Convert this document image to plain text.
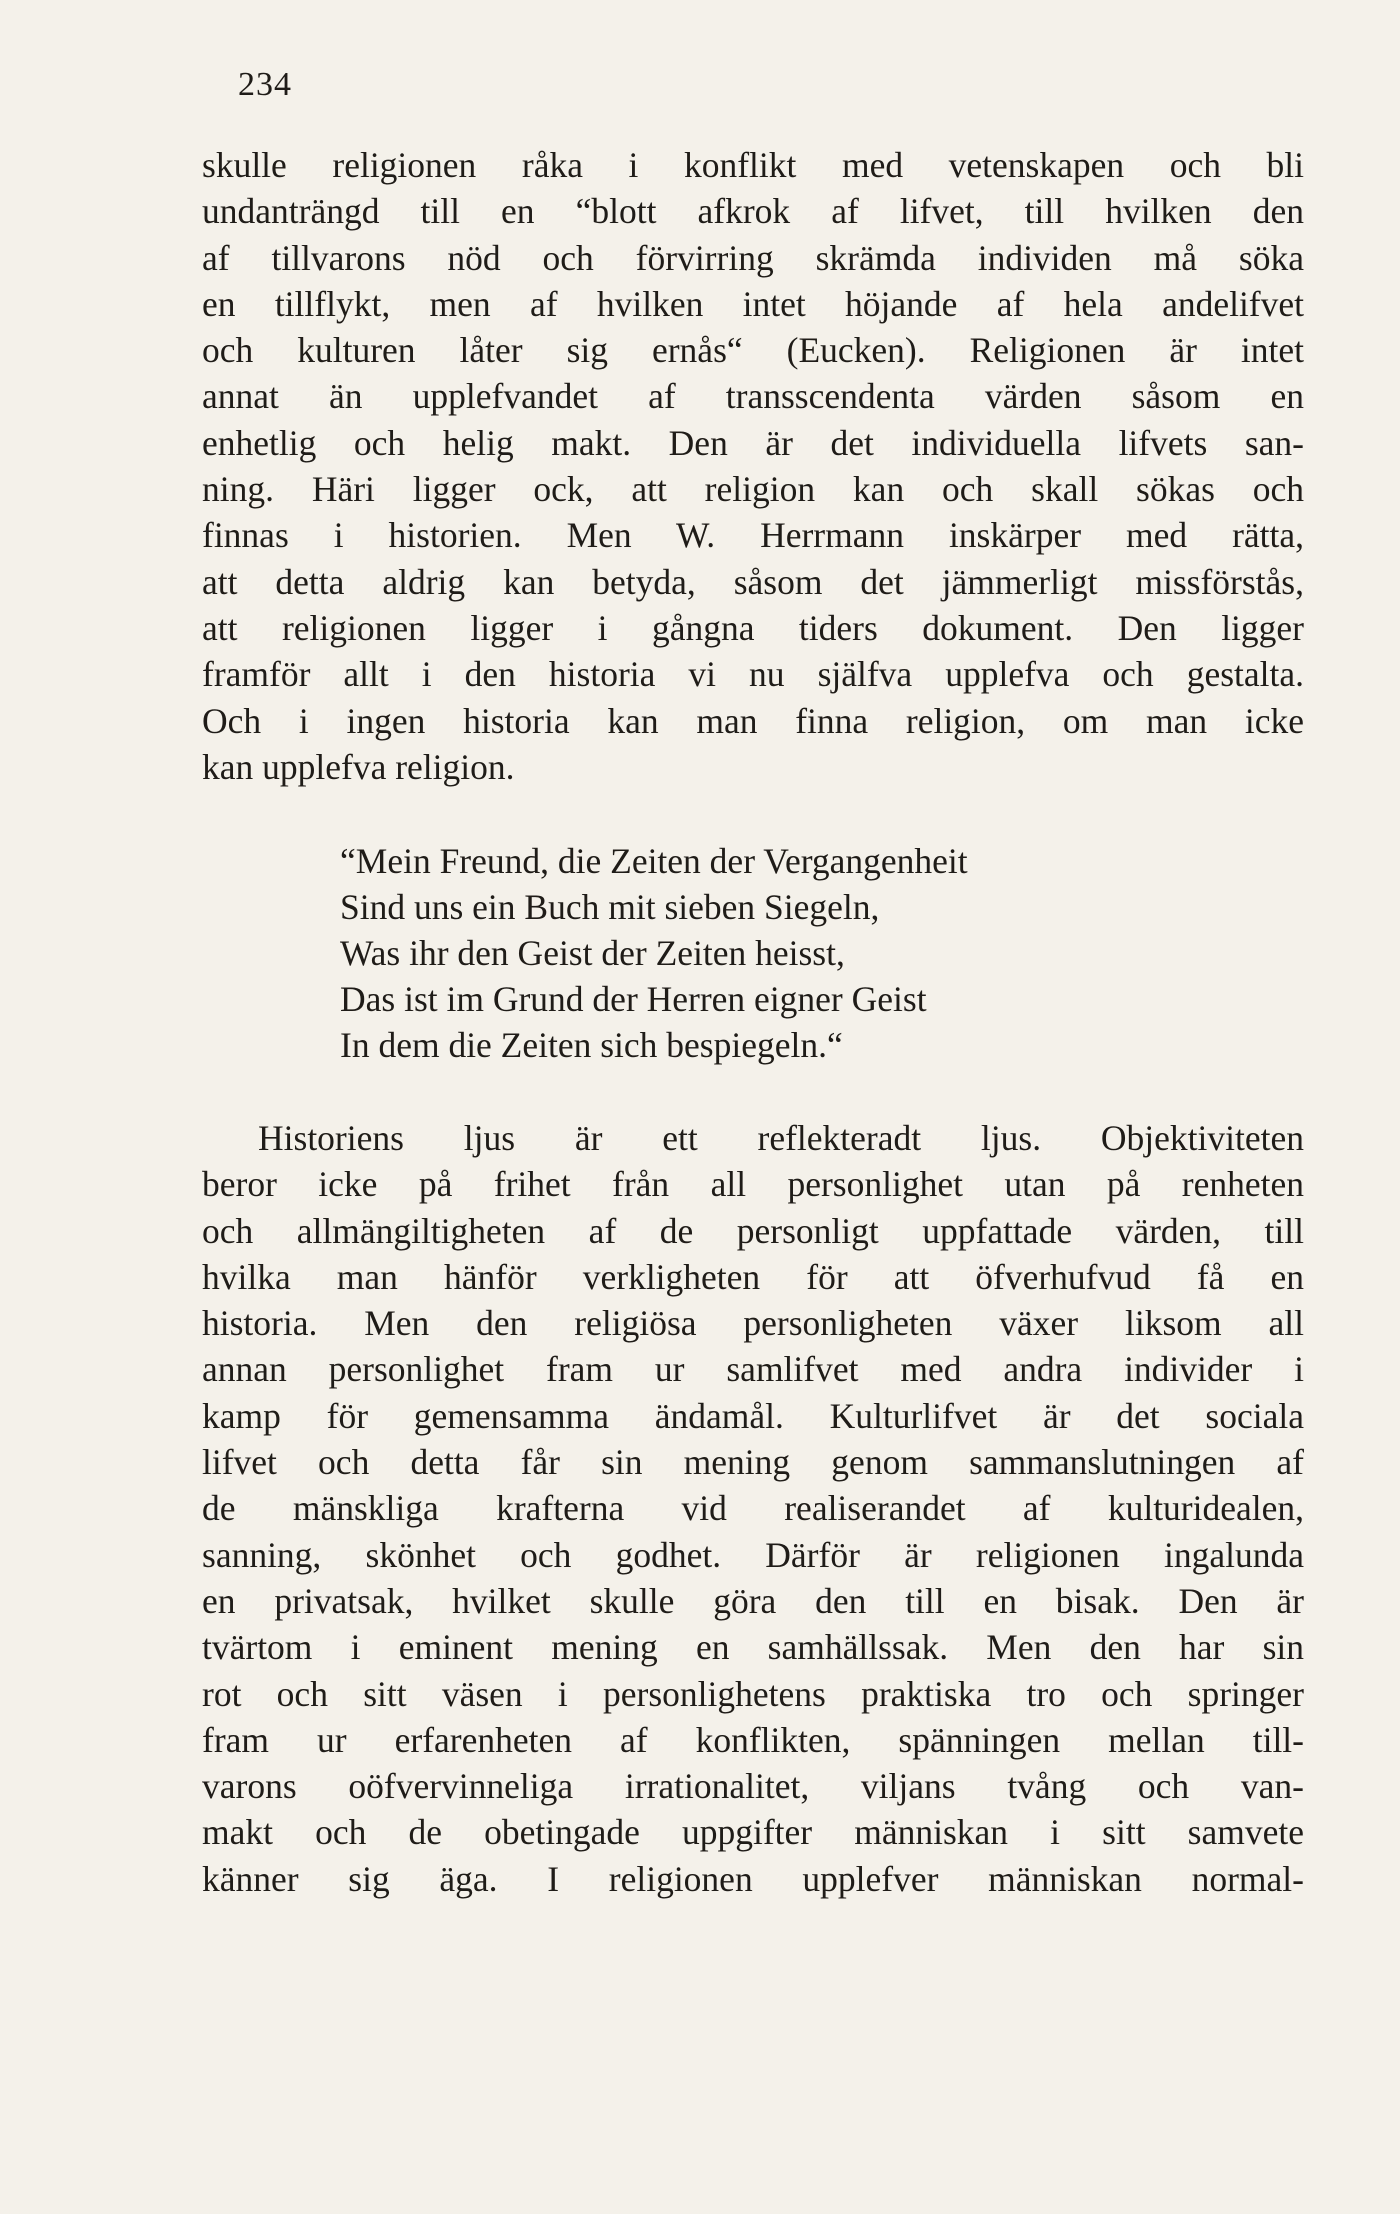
234
skulle religionen råka i konflikt med vetenskapen och bli
undanträngd till en “blott afkrok af lifvet, till hvilken den
af tillvarons nöd och förvirring skrämda individen må söka
en tillflykt, men af hvilken intet höjande af hela andelifvet
och kulturen låter sig ernås“ (Eucken). Religionen är intet
annat än upplefvandet af transscendenta värden såsom en
enhetlig och helig makt. Den är det individuella lifvets san-
ning. Häri ligger ock, att religion kan och skall sökas och
finnas i historien. Men W. Herrmann inskärper med rätta,
att detta aldrig kan betyda, såsom det jämmerligt missförstås,
att religionen ligger i gångna tiders dokument. Den ligger
framför allt i den historia vi nu själfva upplefva och gestalta.
Och i ingen historia kan man finna religion, om man icke
kan upplefva religion.
“Mein Freund, die Zeiten der Vergangenheit
Sind uns ein Buch mit sieben Siegeln,
Was ihr den Geist der Zeiten heisst,
Das ist im Grund der Herren eigner Geist
In dem die Zeiten sich bespiegeln.“
Historiens ljus är ett reflekteradt ljus. Objektiviteten
beror icke på frihet från all personlighet utan på renheten
och allmängiltigheten af de personligt uppfattade värden, till
hvilka man hänför verkligheten för att öfverhufvud få en
historia. Men den religiösa personligheten växer liksom all
annan personlighet fram ur samlifvet med andra individer i
kamp för gemensamma ändamål. Kulturlifvet är det sociala
lifvet och detta får sin mening genom sammanslutningen af
de mänskliga krafterna vid realiserandet af kulturidealen,
sanning, skönhet och godhet. Därför är religionen ingalunda
en privatsak, hvilket skulle göra den till en bisak. Den är
tvärtom i eminent mening en samhällssak. Men den har sin
rot och sitt väsen i personlighetens praktiska tro och springer
fram ur erfarenheten af konflikten, spänningen mellan till-
varons oöfvervinneliga irrationalitet, viljans tvång och van-
makt och de obetingade uppgifter människan i sitt samvete
känner sig äga. I religionen upplefver människan normal-
